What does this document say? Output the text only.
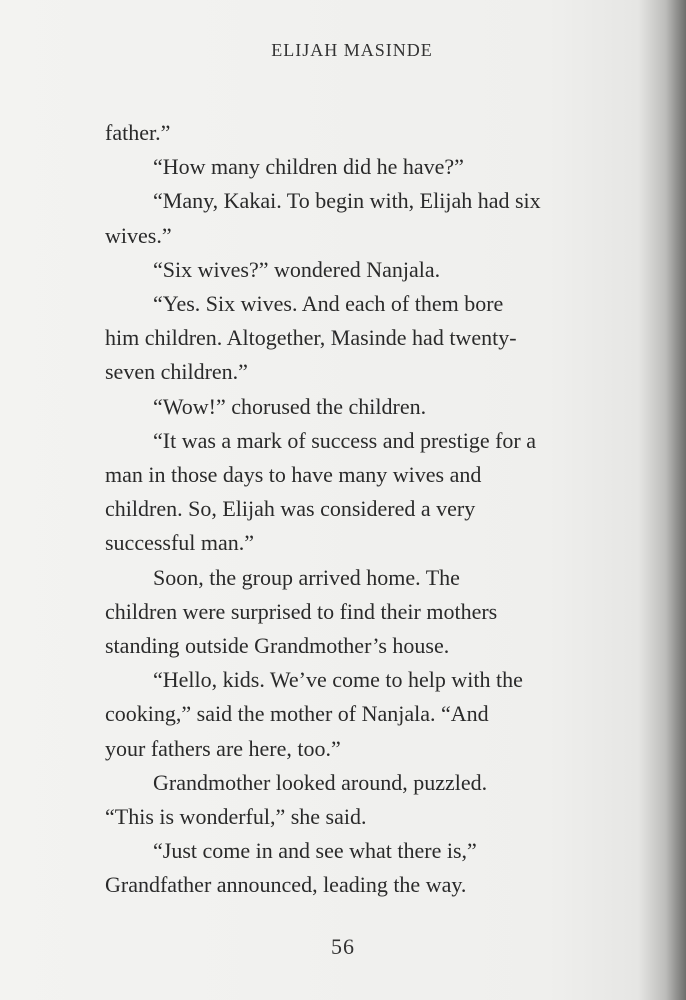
ELIJAH MASINDE

father.”

“How many children did he have?”

“Many, Kakai. To begin with, Elijah had six
wives.”

“Six wives?” wondered Nanjala.

“Yes. Six wives. And each of them bore
him children. Altogether, Masinde had twenty-
seven children.”

“Wow!” chorused the children.

“It was a mark of success and prestige for a
man in those days to have many wives and
children. So, Elijah was considered a very
successful man.”

Soon, the group arrived home. The
children were surprised to find their mothers
standing outside Grandmother’s house.

“Hello, kids. We’ve come to help with the
cooking,” said the mother of Nanjala. “And
your fathers are here, too.”

Grandmother looked around, puzzled.
“This is wonderful,” she said.

“Just come in and see what there is,”
Grandfather announced, leading the way.

56
